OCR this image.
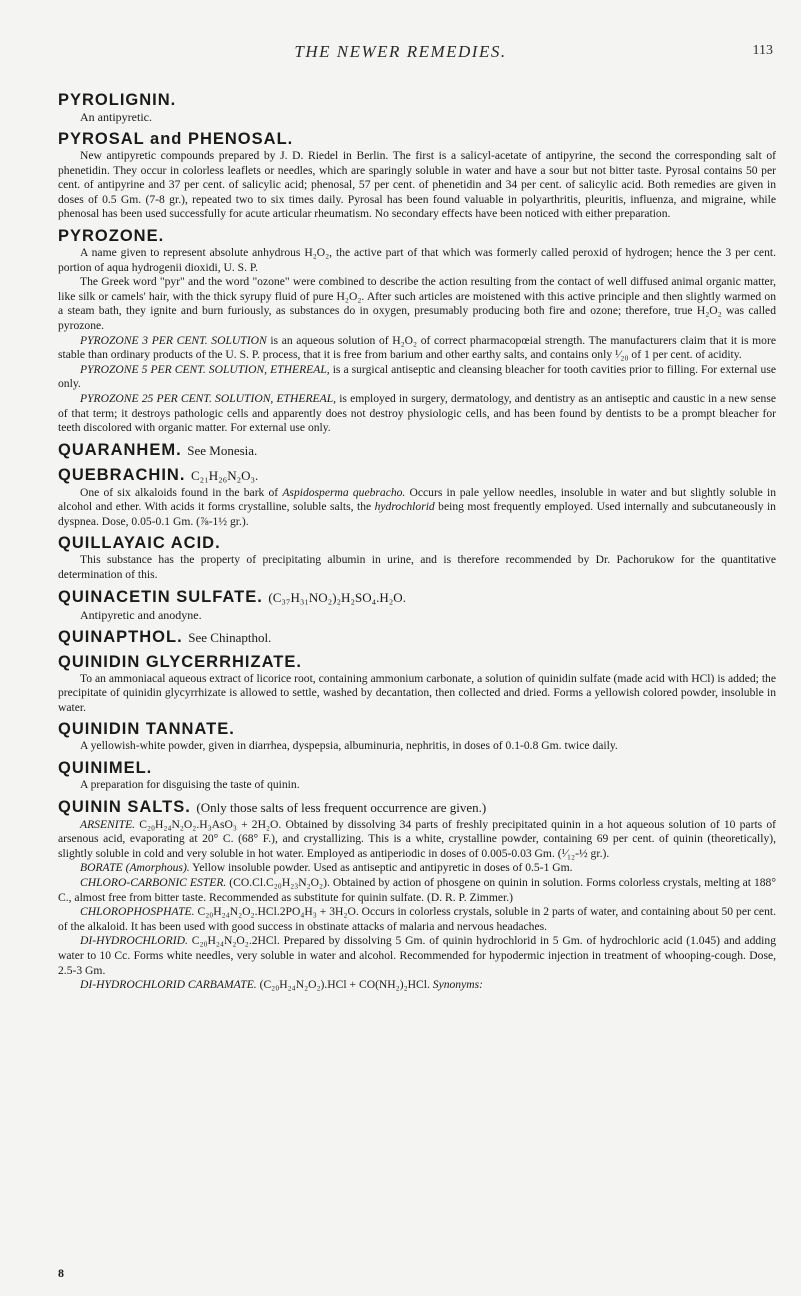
THE NEWER REMEDIES.	113
PYROLIGNIN.
An antipyretic.
PYROSAL and PHENOSAL.

New antipyretic compounds prepared by J. D. Riedel in Berlin. The first is a salicyl-acetate of antipyrine, the second the corresponding salt of phenetidin. They occur in colorless leaflets or needles, which are sparingly soluble in water and have a sour but not bitter taste. Pyrosal contains 50 per cent. of antipyrine and 37 per cent. of salicylic acid; phenosal, 57 per cent. of phenetidin and 34 per cent. of salicylic acid. Both remedies are given in doses of 0.5 Gm. (7-8 gr.), repeated two to six times daily. Pyrosal has been found valuable in polyarthritis, pleuritis, influenza, and migraine, while phenosal has been used successfully for acute articular rheumatism. No secondary effects have been noticed with either preparation.

PYROZONE.

A name given to represent absolute anhydrous H₂O₂, the active part of that which was formerly called peroxid of hydrogen; hence the 3 per cent. portion of aqua hydrogenii dioxidi, U. S. P.

The Greek word "pyr" and the word "ozone" were combined to describe the action resulting from the contact of well diffused animal organic matter, like silk or camels' hair, with the thick syrupy fluid of pure H₂O₂. After such articles are moistened with this active principle and then slightly warmed on a steam bath, they ignite and burn furiously, as substances do in oxygen, presumably producing both fire and ozone; therefore, true H₂O₂ was called pyrozone.

PYROZONE 3 PER CENT. SOLUTION is an aqueous solution of H₂O₂ of correct pharmacopœial strength. The manufacturers claim that it is more stable than ordinary products of the U. S. P. process, that it is free from barium and other earthy salts, and contains only ¹⁄₂₀ of 1 per cent. of acidity.

PYROZONE 5 PER CENT. SOLUTION, ETHEREAL, is a surgical antiseptic and cleansing bleacher for tooth cavities prior to filling. For external use only.

PYROZONE 25 PER CENT. SOLUTION, ETHEREAL, is employed in surgery, dermatology, and dentistry as an antiseptic and caustic in a new sense of that term; it destroys pathologic cells and apparently does not destroy physiologic cells, and has been found by dentists to be a prompt bleacher for teeth discolored with organic matter. For external use only.

QUARANHEM. See Monesia.
QUEBRACHIN. C₂₁H₂₆N₂O₃.

One of six alkaloids found in the bark of Aspidosperma quebracho. Occurs in pale yellow needles, insoluble in water and but slightly soluble in alcohol and ether. With acids it forms crystalline, soluble salts, the hydrochlorid being most frequently employed. Used internally and subcutaneously in dyspnea. Dose, 0.05-0.1 Gm. (⅞-1½ gr.).

QUILLAYAIC ACID.

This substance has the property of precipitating albumin in urine, and is therefore recommended by Dr. Pachorukow for the quantitative determination of this.

QUINACETIN SULFATE. (C₃₇H₃₁NO₂)₂H₂SO₄.H₂O.
Antipyretic and anodyne.
QUINAPTHOL. See Chinapthol.
QUINIDIN GLYCERRHIZATE.

To an ammoniacal aqueous extract of licorice root, containing ammonium carbonate, a solution of quinidin sulfate (made acid with HCl) is added; the precipitate of quinidin glycyrrhizate is allowed to settle, washed by decantation, then collected and dried. Forms a yellowish colored powder, insoluble in water.

QUINIDIN TANNATE.

A yellowish-white powder, given in diarrhea, dyspepsia, albuminuria, nephritis, in doses of 0.1-0.8 Gm. twice daily.

QUINIMEL.

A preparation for disguising the taste of quinin.

QUININ SALTS. (Only those salts of less frequent occurrence are given.)

ARSENITE. C₂₀H₂₄N₂O₂.H₃AsO₃ + 2H₂O. Obtained by dissolving 34 parts of freshly precipitated quinin in a hot aqueous solution of 10 parts of arsenous acid, evaporating at 20° C. (68° F.), and crystallizing. This is a white, crystalline powder, containing 69 per cent. of quinin (theoretically), slightly soluble in cold and very soluble in hot water. Employed as antiperiodic in doses of 0.005-0.03 Gm. (¹⁄₁₂-½ gr.).

BORATE (Amorphous). Yellow insoluble powder. Used as antiseptic and antipyretic in doses of 0.5-1 Gm.

CHLORO-CARBONIC ESTER. (CO.Cl.C₂₀H₂₃N₂O₂). Obtained by action of phosgene on quinin in solution. Forms colorless crystals, melting at 188° C., almost free from bitter taste. Recommended as substitute for quinin sulfate. (D. R. P. Zimmer.)

CHLOROPHOSPHATE. C₂₀H₂₄N₂O₂.HCl.2PO₄H₃ + 3H₂O. Occurs in colorless crystals, soluble in 2 parts of water, and containing about 50 per cent. of the alkaloid. It has been used with good success in obstinate attacks of malaria and nervous headaches.

DI-HYDROCHLORID. C₂₀H₂₄N₂O₂.2HCl. Prepared by dissolving 5 Gm. of quinin hydrochlorid in 5 Gm. of hydrochloric acid (1.045) and adding water to 10 Cc. Forms white needles, very soluble in water and alcohol. Recommended for hypodermic injection in treatment of whooping-cough. Dose, 2.5-3 Gm.

DI-HYDROCHLORID CARBAMATE. (C₂₀H₂₄N₂O₂).HCl + CO(NH₂)₂HCl. Synonyms:

8
